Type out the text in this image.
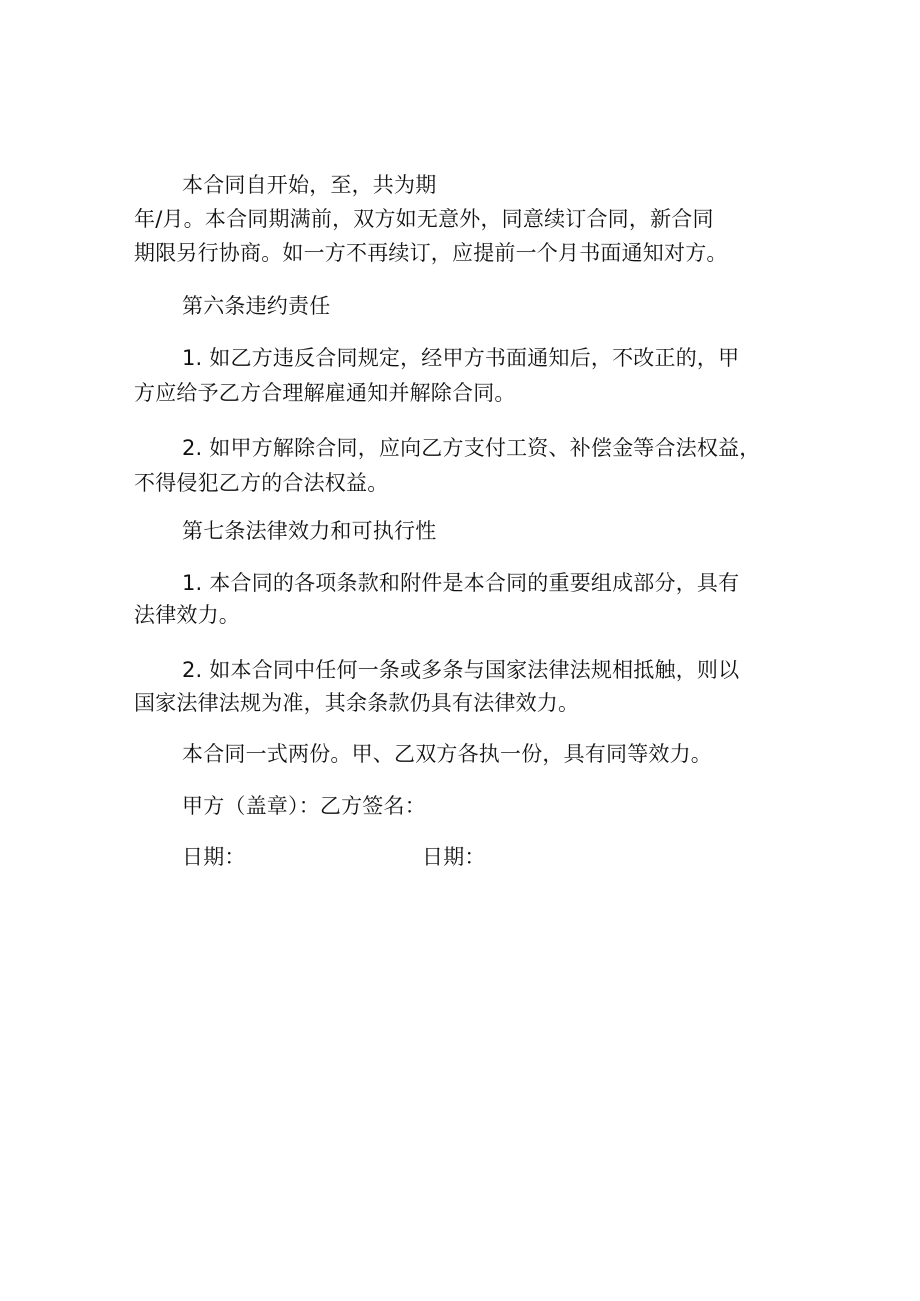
本合同自开始，至，共为期
年/月。本合同期满前，双方如无意外，同意续订合同，新合同
期限另行协商。如一方不再续订，应提前一个月书面通知对方。
第六条违约责任
1. 如乙方违反合同规定，经甲方书面通知后，不改正的，甲
方应给予乙方合理解雇通知并解除合同。
2. 如甲方解除合同，应向乙方支付工资、补偿金等合法权益，
不得侵犯乙方的合法权益。
第七条法律效力和可执行性
1. 本合同的各项条款和附件是本合同的重要组成部分，具有
法律效力。
2. 如本合同中任何一条或多条与国家法律法规相抵触，则以
国家法律法规为准，其余条款仍具有法律效力。
本合同一式两份。甲、乙双方各执一份，具有同等效力。
甲方（盖章）：乙方签名：
日期：	日期：
